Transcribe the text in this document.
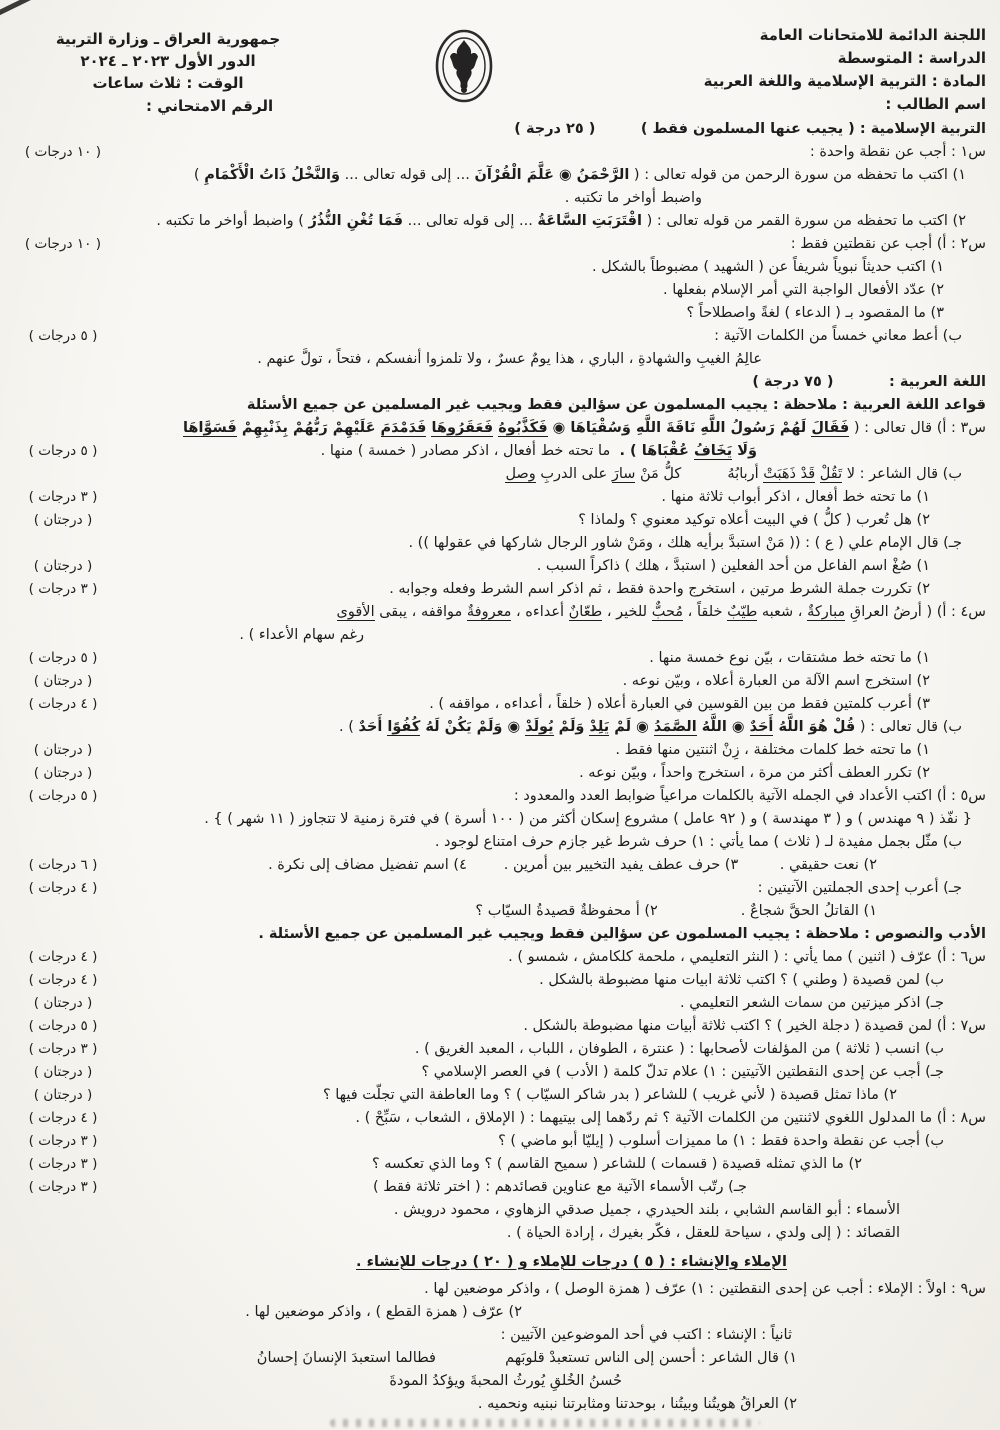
اللجنة الدائمة للامتحانات العامة
الدراسة : المتوسطة
المادة : التربية الإسلامية واللغة العربية
اسم الطالب :
جمهورية العراق ـ وزارة التربية
الدور الأول ٢٠٢٣ ـ ٢٠٢٤
الوقت : ثلاث ساعات
الرقم الامتحاني :
التربية الإسلامية : ( يجيب عنها المسلمون فقط )         ( ٢٥ درجة )
( ١٠ درجات )	س١ : أجب عن نقطة واحدة :
١) اكتب ما تحفظه من سورة الرحمن من قوله تعالى : ( الرَّحْمَنُ ◉ عَلَّمَ الْقُرْآنَ ... إلى قوله تعالى ... وَالنَّخْلُ ذَاتُ الْأَكْمَامِ )
واضبط أواخر ما تكتبه .
٢) اكتب ما تحفظه من سورة القمر من قوله تعالى : ( اقْتَرَبَتِ السَّاعَةُ ... إلى قوله تعالى ... فَمَا تُغْنِ النُّذُرُ ) واضبط أواخر ما تكتبه .
( ١٠ درجات )	س٢ : أ) أجب عن نقطتين فقط :
١) اكتب حديثاً نبوياً شريفاً عن ( الشهيد ) مضبوطاً بالشكل .
٢) عدّد الأفعال الواجبة التي أمر الإسلام بفعلها .
٣) ما المقصود بـ ( الدعاء ) لغةً واصطلاحاً ؟
( ٥ درجات )	ب) أعط معاني خمساً من الكلمات الآتية :
عالِمُ الغيبِ والشهادةِ ، الباري ، هذا يومٌ عسرٌ ، ولا تلمزوا أنفسكم ، فتحاً ، تولَّ عنهم .
اللغة العربية :           ( ٧٥ درجة )
قواعد اللغة العربية : ملاحظة : يجيب المسلمون عن سؤالين فقط ويجيب غير المسلمين عن جميع الأسئلة
س٣ : أ) قال تعالى : ( فَقَالَ لَهُمْ رَسُولُ اللَّهِ نَاقَةَ اللَّهِ وَسُقْيَاهَا ◉ فَكَذَّبُوهُ فَعَقَرُوهَا فَدَمْدَمَ عَلَيْهِمْ رَبُّهُمْ بِذَنْبِهِمْ فَسَوَّاهَا
( ٥ درجات )	وَلَا يَخَافُ عُقْبَاهَا ) .  ما تحته خط أفعال ، اذكر مصادر ( خمسة ) منها .
ب) قال الشاعر : لا تَقُلْ قَدْ ذَهَبَتْ أربابُهُ          كلُّ مَنْ سارَ على الدربِ وصل
( ٣ درجات )	١) ما تحته خط أفعال ، اذكر أبواب ثلاثة منها .
( درجتان )	٢) هل تُعرب ( كلُّ ) في البيت أعلاه توكيد معنوي ؟ ولماذا ؟
جـ) قال الإمام علي ( ع ) : (( مَنْ استبدَّ برأيه هلك ، ومَنْ شاور الرجال شاركها في عقولها )) .
( درجتان )	١) صُغْ اسم الفاعل من أحد الفعلين ( استبدَّ ، هلك ) ذاكراً السبب .
( ٣ درجات )	٢) تكررت جملة الشرط مرتين ، استخرج واحدة فقط ، ثم اذكر اسم الشرط وفعله وجوابه .
س٤ : أ) ( أرضُ العراقِ مباركةٌ ، شعبه طيّبٌ خلقاً ، مُحبٌّ للخير ، طعّانٌ أعداءه ، معروفةٌ مواقفه ، يبقى الأقوى
رغم سهام الأعداء ) .
( ٥ درجات )	١) ما تحته خط مشتقات ، بيّن نوع خمسة منها .
( درجتان )	٢) استخرج اسم الآلة من العبارة أعلاه ، وبيّن نوعه .
( ٤ درجات )	٣) أعرب كلمتين فقط من بين القوسين في العبارة أعلاه ( خلقاً ، أعداءه ، مواقفه ) .
ب) قال تعالى : ( قُلْ هُوَ اللَّهُ أَحَدٌ ◉ اللَّهُ الصَّمَدُ ◉ لَمْ يَلِدْ وَلَمْ يُولَدْ ◉ وَلَمْ يَكُنْ لَهُ كُفُوًا أَحَدٌ ) .
( درجتان )	١) ما تحته خط كلمات مختلفة ، زِنْ اثنتين منها فقط .
( درجتان )	٢) تكرر العطف أكثر من مرة ، استخرج واحداً ، وبيّن نوعه .
( ٥ درجات )	س٥ : أ) اكتب الأعداد في الجمله الآتية بالكلمات مراعياً ضوابط العدد والمعدود :
{ نفّذ ( ٩ مهندس ) و ( ٣ مهندسة ) و ( ٩٢ عامل ) مشروع إسكان أكثر من ( ١٠٠ أسرة ) في فترة زمنية لا تتجاوز ( ١١ شهر ) } .
ب) مثّل بجمل مفيدة لـ ( ثلاث ) مما يأتي : ١) حرف شرط غير جازم حرف امتناع لوجود .
( ٦ درجات )	٢) نعت حقيقي .         ٣) حرف عطف يفيد التخيير بين أمرين .        ٤) اسم تفضيل مضاف إلى نكرة .
( ٤ درجات )	جـ) أعرب إحدى الجملتين الآتيتين :
١) القاتلُ الحقَّ شجاعٌ .                  ٢) أ محفوظةٌ قصيدةُ السيّاب ؟
الأدب والنصوص : ملاحظة : يجيب المسلمون عن سؤالين فقط ويجيب غير المسلمين عن جميع الأسئلة .
( ٤ درجات )	س٦ : أ) عرّف ( اثنين ) مما يأتي : ( النثر التعليمي ، ملحمة كلكامش ، شمسو ) .
( ٤ درجات )	ب) لمن قصيدة ( وطني ) ؟ اكتب ثلاثة ابيات منها مضبوطة بالشكل .
( درجتان )	جـ) اذكر ميزتين من سمات الشعر التعليمي .
( ٥ درجات )	س٧ : أ) لمن قصيدة ( دجلة الخير ) ؟ اكتب ثلاثة أبيات منها مضبوطة بالشكل .
( ٣ درجات )	ب) انسب ( ثلاثة ) من المؤلفات لأصحابها : ( عنترة ، الطوفان ، اللباب ، المعبد الغريق ) .
( درجتان )	جـ) أجب عن إحدى النقطتين الآتيتين : ١) علام تدلّ كلمة ( الأدب ) في العصر الإسلامي ؟
( درجتان )	٢) ماذا تمثل قصيدة ( لأني غريب ) للشاعر ( بدر شاكر السيّاب ) ؟ وما العاطفة التي تجلّت فيها ؟
( ٤ درجات )	س٨ : أ) ما المدلول اللغوي لاثنتين من الكلمات الآتية ؟ ثم ردّهما إلى بيتيهما : ( الإملاق ، الشعاب ، سَبِّحْ ) .
( ٣ درجات )	ب) أجب عن نقطة واحدة فقط : ١) ما مميزات أسلوب ( إيليّا أبو ماضي ) ؟
( ٣ درجات )	٢) ما الذي تمثله قصيدة ( قسمات ) للشاعر ( سميح القاسم ) ؟ وما الذي تعكسه ؟
( ٣ درجات )	جـ) رتّب الأسماء الآتية مع عناوين قصائدهم : ( اختر ثلاثة فقط )
الأسماء : أبو القاسم الشابي ، بلند الحيدري ، جميل صدقي الزهاوي ، محمود درويش .
القصائد : ( إلى ولدي ، سياحة للعقل ، فكّر بغيرك ، إرادة الحياة ) .
الإملاء والإنشاء : ( ٥ ) درجات للإملاء و ( ٢٠ ) درجات للإنشاء .
س٩ : اولاً : الإملاء : أجب عن إحدى النقطتين : ١) عرّف ( همزة الوصل ) ، واذكر موضعين لها .
٢) عرّف ( همزة القطع ) ، واذكر موضعين لها .
ثانياً : الإنشاء : اكتب في أحد الموضوعين الآتيين :
١) قال الشاعر : أحسن إلى الناس تستعبدْ قلوبَهم               فطالما استعبدَ الإنسانَ إحسانُ
حُسنُ الخُلقِ يُورثُ المحبةَ ويؤكدُ المودةَ
٢) العراقُ هويتُنا وبيتُنا ، بوحدتنا ومثابرتنا نبنيه ونحميه .
